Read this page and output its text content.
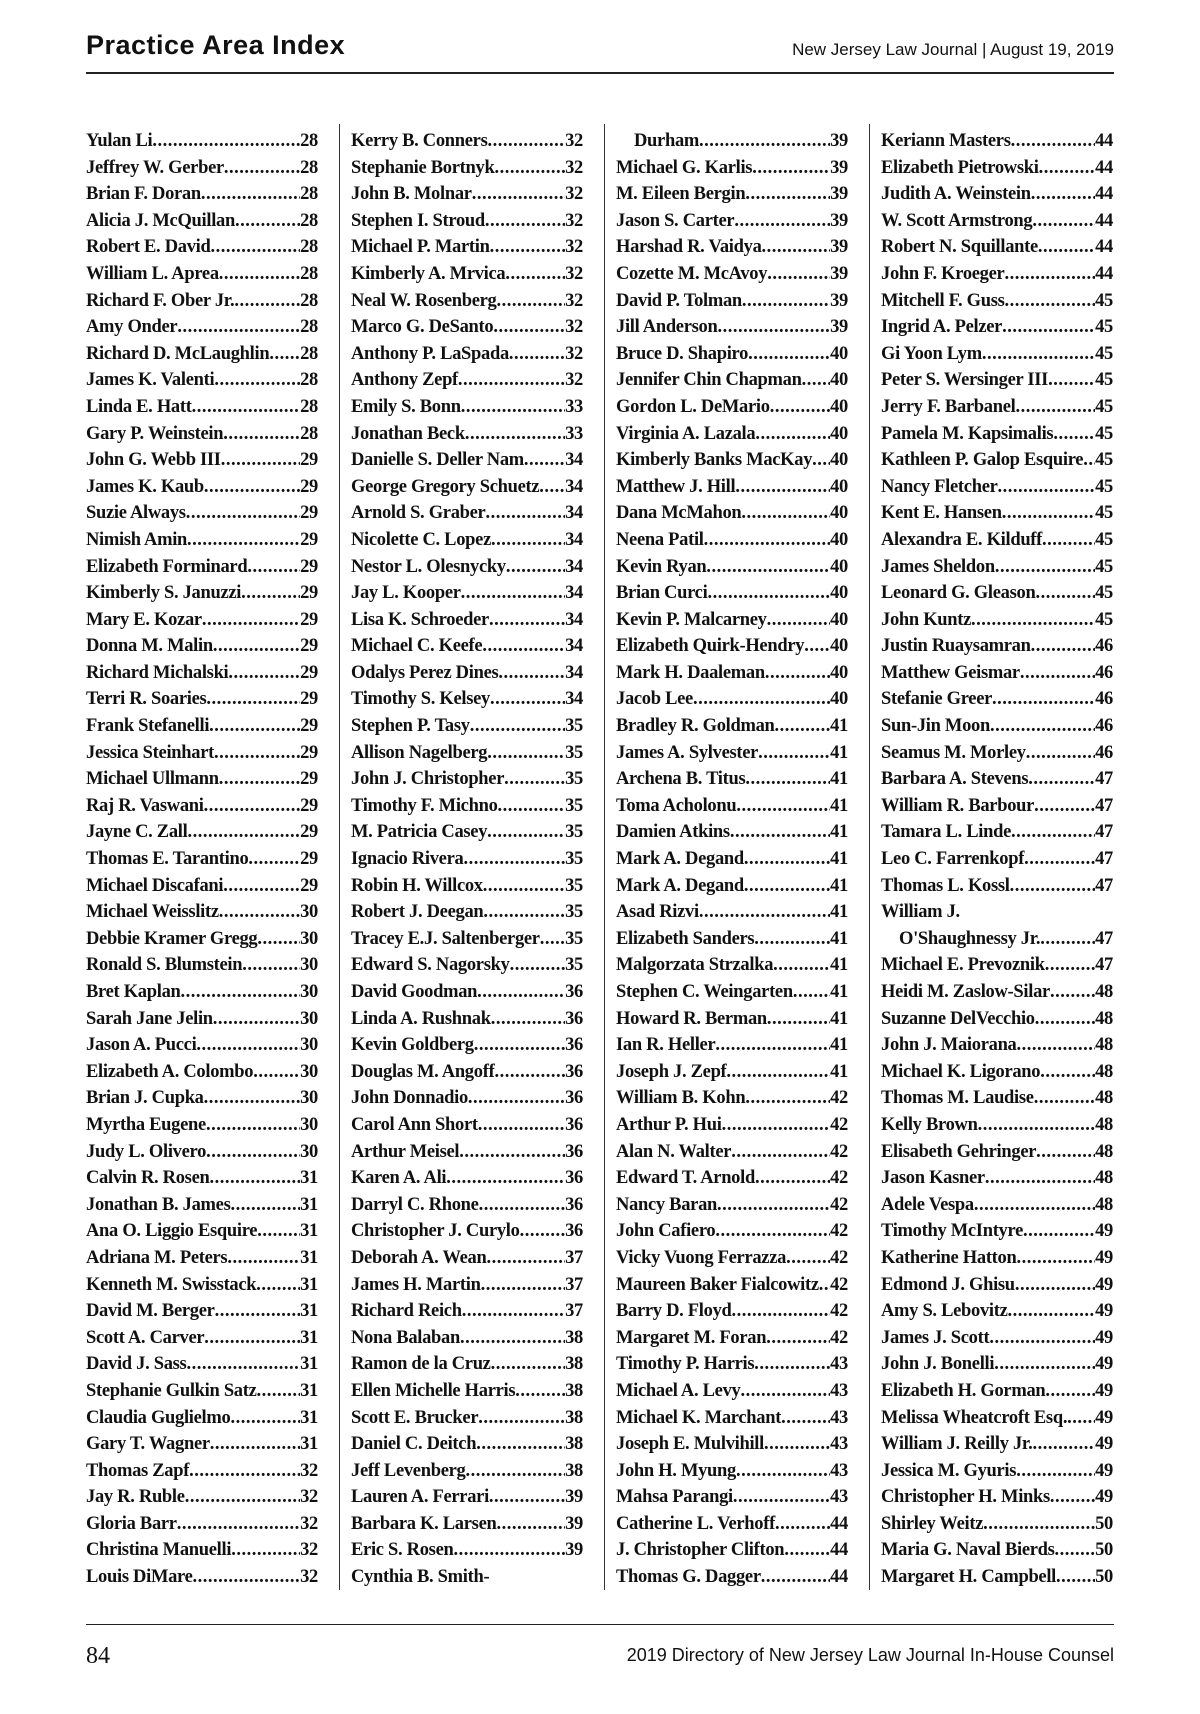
Practice Area Index	New Jersey Law Journal | August 19, 2019
Yulan Li .....	28
Jeffrey W. Gerber .....	28
Brian F. Doran .....	28
Alicia J. McQuillan .....	28
Robert E. David .....	28
William L. Aprea .....	28
Richard F. Ober Jr. .....	28
Amy Onder .....	28
Richard D. McLaughlin ..... 28
James K. Valenti .....	28
Linda E. Hatt .....	28
Gary P. Weinstein .....	28
John G. Webb III .....	29
James K. Kaub .....	29
Suzie Always .....	29
Nimish Amin .....	29
Elizabeth Forminard .....	29
Kimberly S. Januzzi .....	29
Mary E. Kozar .....	29
Donna M. Malin .....	29
Richard Michalski .....	29
Terri R. Soaries .....	29
Frank Stefanelli .....	29
Jessica Steinhart .....	29
Michael Ullmann .....	29
Raj R. Vaswani .....	29
Jayne C. Zall .....	29
Thomas E. Tarantino .....	29
Michael Discafani .....	29
Michael Weisslitz .....	30
Debbie Kramer Gregg ..... 30
Ronald S. Blumstein .....	30
Bret Kaplan .....	30
Sarah Jane Jelin .....	30
Jason A. Pucci .....	30
Elizabeth A. Colombo .....	30
Brian J. Cupka .....	30
Myrtha Eugene .....	30
Judy L. Olivero .....	30
Calvin R. Rosen .....	31
Jonathan B. James .....	31
Ana O. Liggio Esquire ..... 31
Adriana M. Peters .....	31
Kenneth M. Swisstack ..... 31
David M. Berger .....	31
Scott A. Carver .....	31
David J. Sass .....	31
Stephanie Gulkin Satz ..... 31
Claudia Guglielmo .....	31
Gary T. Wagner .....	31
Thomas Zapf .....	32
Jay R. Ruble .....	32
Gloria Barr .....	32
Christina Manuelli .....	32
Louis DiMare .....	32
Kerry B. Conners .....	32
Stephanie Bortnyk .....	32
John B. Molnar .....	32
Stephen I. Stroud .....	32
Michael P. Martin .....	32
Kimberly A. Mrvica .....	32
Neal W. Rosenberg .....	32
Marco G. DeSanto .....	32
Anthony P. LaSpada .....	32
Anthony Zepf .....	32
Emily S. Bonn .....	33
Jonathan Beck .....	33
Danielle S. Deller Nam ..... 34
George Gregory Schuetz ..... 34
Arnold S. Graber .....	34
Nicolette C. Lopez .....	34
Nestor L. Olesnycky .....	34
Jay L. Kooper .....	34
Lisa K. Schroeder .....	34
Michael C. Keefe .....	34
Odalys Perez Dines .....	34
Timothy S. Kelsey .....	34
Stephen P. Tasy .....	35
Allison Nagelberg .....	35
John J. Christopher .....	35
Timothy F. Michno .....	35
M. Patricia Casey .....	35
Ignacio Rivera .....	35
Robin H. Willcox .....	35
Robert J. Deegan .....	35
Tracey E.J. Saltenberger ..... 35
Edward S. Nagorsky .....	35
David Goodman .....	36
Linda A. Rushnak .....	36
Kevin Goldberg .....	36
Douglas M. Angoff .....	36
John Donnadio .....	36
Carol Ann Short .....	36
Arthur Meisel .....	36
Karen A. Ali .....	36
Darryl C. Rhone .....	36
Christopher J. Curylo ..... 36
Deborah A. Wean .....	37
James H. Martin .....	37
Richard Reich .....	37
Nona Balaban .....	38
Ramon de la Cruz .....	38
Ellen Michelle Harris .....	38
Scott E. Brucker .....	38
Daniel C. Deitch .....	38
Jeff Levenberg .....	38
Lauren A. Ferrari .....	39
Barbara K. Larsen .....	39
Eric S. Rosen .....	39
Cynthia B. Smith-
Durham .....	39
Michael G. Karlis .....	39
M. Eileen Bergin .....	39
Jason S. Carter .....	39
Harshad R. Vaidya .....	39
Cozette M. McAvoy .....	39
David P. Tolman .....	39
Jill Anderson .....	39
Bruce D. Shapiro .....	40
Jennifer Chin Chapman ..... 40
Gordon L. DeMario .....	40
Virginia A. Lazala .....	40
Kimberly Banks MacKay ..... 40
Matthew J. Hill .....	40
Dana McMahon .....	40
Neena Patil .....	40
Kevin Ryan .....	40
Brian Curci .....	40
Kevin P. Malcarney .....	40
Elizabeth Quirk-Hendry ..... 40
Mark H. Daaleman .....	40
Jacob Lee .....	40
Bradley R. Goldman .....	41
James A. Sylvester .....	41
Archena B. Titus .....	41
Toma Acholonu .....	41
Damien Atkins .....	41
Mark A. Degand .....	41
Mark A. Degand .....	41
Asad Rizvi .....	41
Elizabeth Sanders .....	41
Malgorzata Strzalka .....	41
Stephen C. Weingarten ..... 41
Howard R. Berman .....	41
Ian R. Heller .....	41
Joseph J. Zepf .....	41
William B. Kohn .....	42
Arthur P. Hui .....	42
Alan N. Walter .....	42
Edward T. Arnold .....	42
Nancy Baran .....	42
John Cafiero .....	42
Vicky Vuong Ferrazza ..... 42
Maureen Baker Fialcowitz ..... 42
Barry D. Floyd .....	42
Margaret M. Foran .....	42
Timothy P. Harris .....	43
Michael A. Levy .....	43
Michael K. Marchant .....	43
Joseph E. Mulvihill .....	43
John H. Myung .....	43
Mahsa Parangi .....	43
Catherine L. Verhoff .....	44
J. Christopher Clifton ..... 44
Thomas G. Dagger .....	44
Keriann Masters .....	44
Elizabeth Pietrowski .....	44
Judith A. Weinstein .....	44
W. Scott Armstrong .....	44
Robert N. Squillante .....	44
John F. Kroeger .....	44
Mitchell F. Guss .....	45
Ingrid A. Pelzer .....	45
Gi Yoon Lym .....	45
Peter S. Wersinger III .....	45
Jerry F. Barbanel .....	45
Pamela M. Kapsimalis ..... 45
Kathleen P. Galop Esquire ..... 45
Nancy Fletcher .....	45
Kent E. Hansen .....	45
Alexandra E. Kilduff .....	45
James Sheldon .....	45
Leonard G. Gleason .....	45
John Kuntz .....	45
Justin Ruaysamran .....	46
Matthew Geismar .....	46
Stefanie Greer .....	46
Sun-Jin Moon .....	46
Seamus M. Morley .....	46
Barbara A. Stevens .....	47
William R. Barbour .....	47
Tamara L. Linde .....	47
Leo C. Farrenkopf .....	47
Thomas L. Kossl .....	47
William J.
O'Shaughnessy Jr. .....	47
Michael E. Prevoznik .....	47
Heidi M. Zaslow-Silar ..... 48
Suzanne DelVecchio .....	48
John J. Maiorana .....	48
Michael K. Ligorano .....	48
Thomas M. Laudise .....	48
Kelly Brown .....	48
Elisabeth Gehringer .....	48
Jason Kasner .....	48
Adele Vespa .....	48
Timothy McIntyre .....	49
Katherine Hatton .....	49
Edmond J. Ghisu .....	49
Amy S. Lebovitz .....	49
James J. Scott .....	49
John J. Bonelli .....	49
Elizabeth H. Gorman .....	49
Melissa Wheatcroft Esq. ..... 49
William J. Reilly Jr. .....	49
Jessica M. Gyuris .....	49
Christopher H. Minks ..... 49
Shirley Weitz .....	50
Maria G. Naval Bierds ..... 50
Margaret H. Campbell ..... 50
84	2019 Directory of New Jersey Law Journal In-House Counsel
